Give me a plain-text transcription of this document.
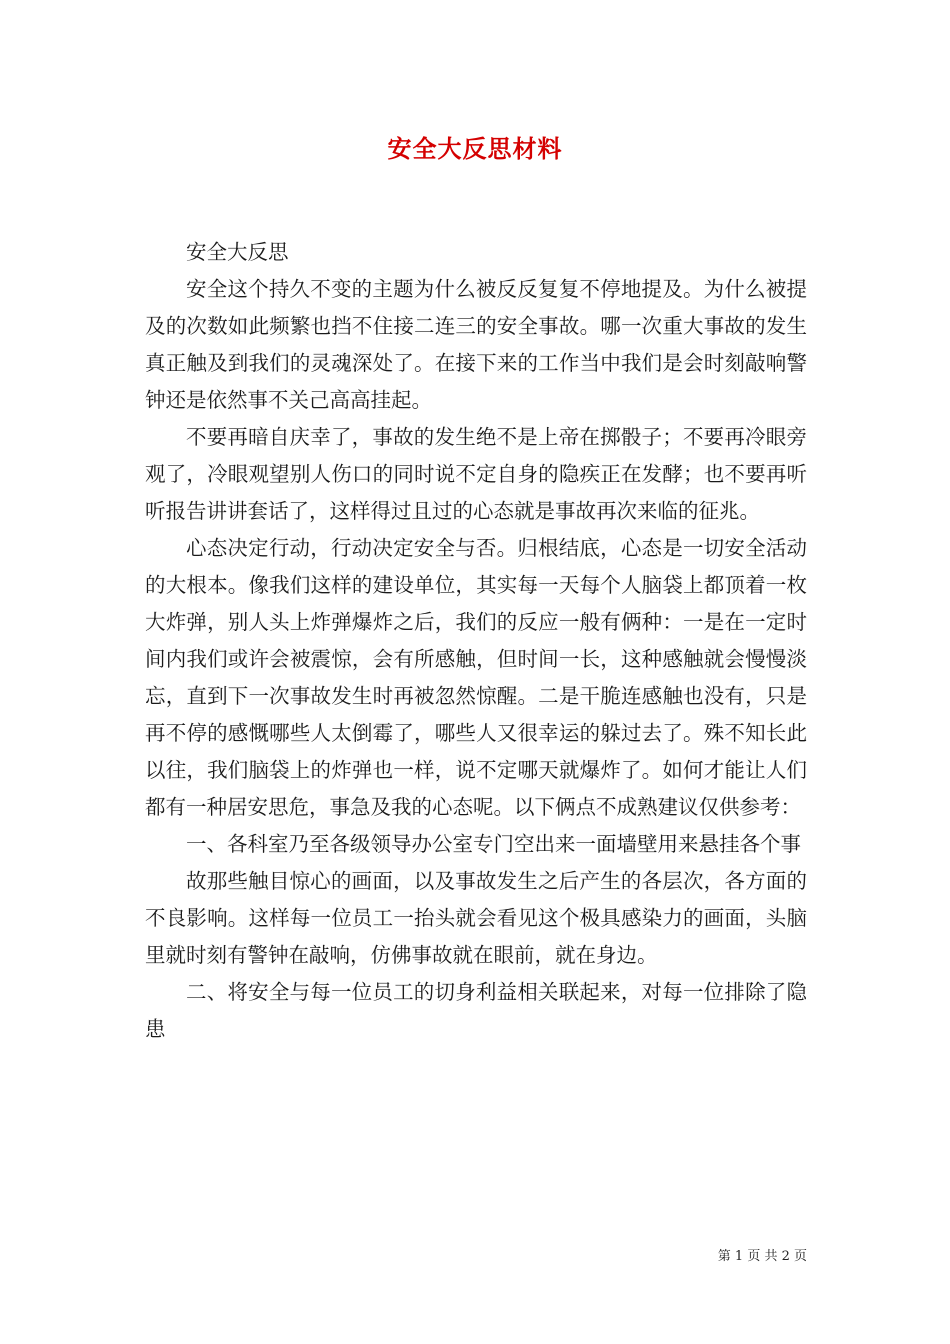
安全大反思材料

安全大反思

安全这个持久不变的主题为什么被反反复复不停地提及。为什么被提及的次数如此频繁也挡不住接二连三的安全事故。哪一次重大事故的发生真正触及到我们的灵魂深处了。在接下来的工作当中我们是会时刻敲响警钟还是依然事不关己高高挂起。

不要再暗自庆幸了，事故的发生绝不是上帝在掷骰子；不要再冷眼旁观了，冷眼观望别人伤口的同时说不定自身的隐疾正在发酵；也不要再听听报告讲讲套话了，这样得过且过的心态就是事故再次来临的征兆。

心态决定行动，行动决定安全与否。归根结底，心态是一切安全活动的大根本。像我们这样的建设单位，其实每一天每个人脑袋上都顶着一枚大炸弹，别人头上炸弹爆炸之后，我们的反应一般有俩种：一是在一定时间内我们或许会被震惊，会有所感触，但时间一长，这种感触就会慢慢淡忘，直到下一次事故发生时再被忽然惊醒。二是干脆连感触也没有，只是再不停的感慨哪些人太倒霉了，哪些人又很幸运的躲过去了。殊不知长此以往，我们脑袋上的炸弹也一样，说不定哪天就爆炸了。如何才能让人们都有一种居安思危，事急及我的心态呢。以下俩点不成熟建议仅供参考：

一、各科室乃至各级领导办公室专门空出来一面墙壁用来悬挂各个事

故那些触目惊心的画面，以及事故发生之后产生的各层次，各方面的不良影响。这样每一位员工一抬头就会看见这个极具感染力的画面，头脑里就时刻有警钟在敲响，仿佛事故就在眼前，就在身边。

二、将安全与每一位员工的切身利益相关联起来，对每一位排除了隐患

第 1 页 共 2 页
